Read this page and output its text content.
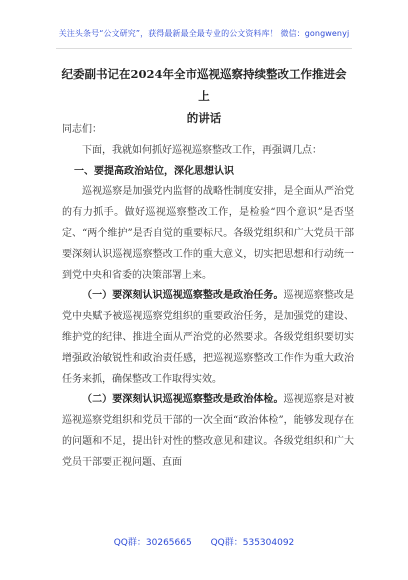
关注头条号“公文研究”，获得最新最全最专业的公文资料库！ 微信：gongwenyj
纪委副书记在2024年全市巡视巡察持续整改工作推进会上
的讲话

同志们：

下面，我就如何抓好巡视巡察整改工作，再强调几点：

一、要提高政治站位，深化思想认识

巡视巡察是加强党内监督的战略性制度安排，是全面从严治党的有力抓手。做好巡视巡察整改工作，是检验“四个意识”是否坚定、“两个维护”是否自觉的重要标尺。各级党组织和广大党员干部要深刻认识巡视巡察整改工作的重大意义，切实把思想和行动统一到党中央和省委的决策部署上来。

（一）要深刻认识巡视巡察整改是政治任务。巡视巡察整改是党中央赋予被巡视巡察党组织的重要政治任务，是加强党的建设、维护党的纪律、推进全面从严治党的必然要求。各级党组织要切实增强政治敏锐性和政治责任感，把巡视巡察整改工作作为重大政治任务来抓，确保整改工作取得实效。

（二）要深刻认识巡视巡察整改是政治体检。巡视巡察是对被巡视巡察党组织和党员干部的一次全面“政治体检”，能够发现存在的问题和不足，提出针对性的整改意见和建议。各级党组织和广大党员干部要正视问题、直面

QQ群：30265665 QQ群：535304092
